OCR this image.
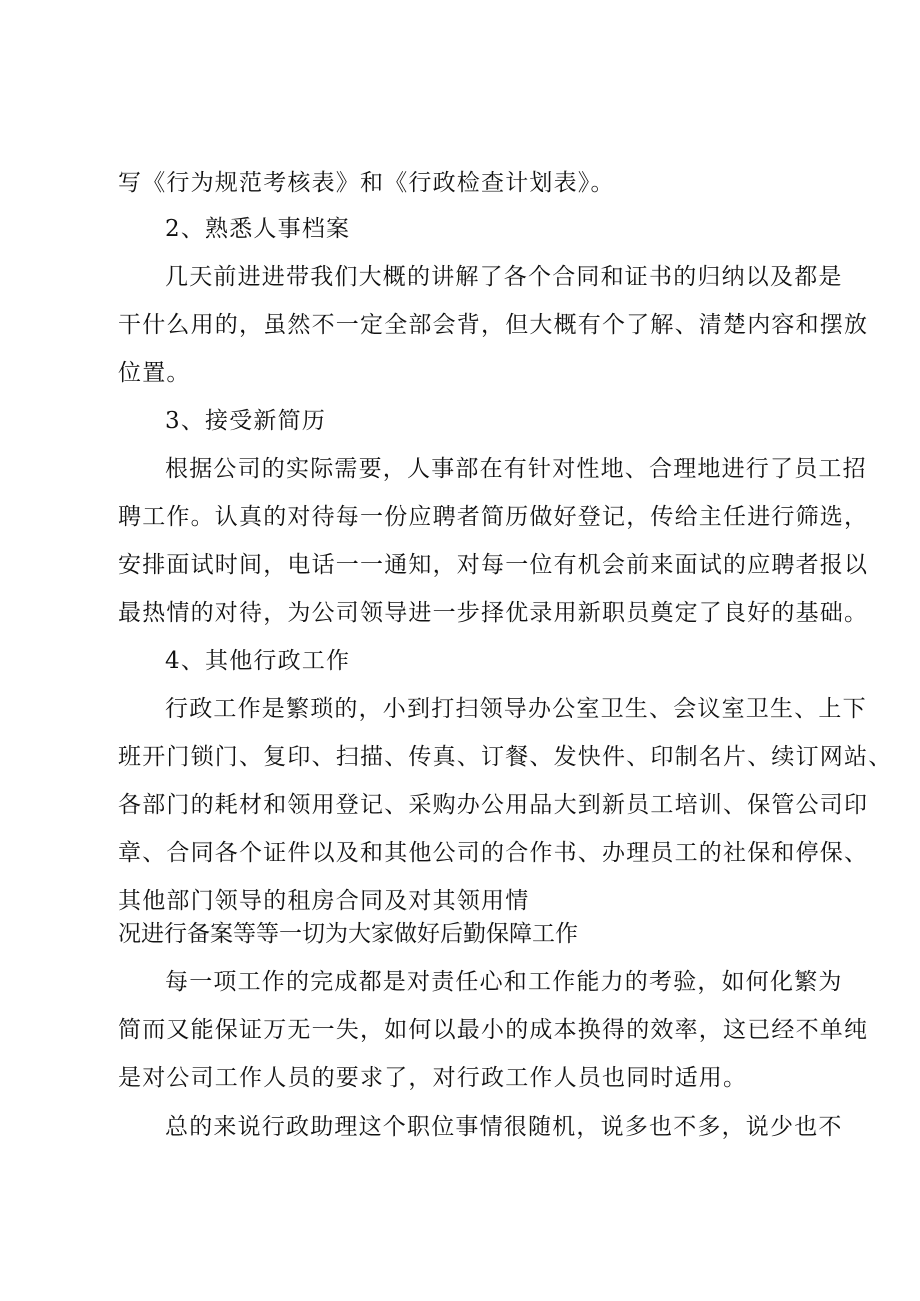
写《行为规范考核表》和《行政检查计划表》。
2、熟悉人事档案
几天前进进带我们大概的讲解了各个合同和证书的归纳以及都是
干什么用的，虽然不一定全部会背，但大概有个了解、清楚内容和摆放
位置。
3、接受新简历
根据公司的实际需要，人事部在有针对性地、合理地进行了员工招
聘工作。认真的对待每一份应聘者简历做好登记，传给主任进行筛选，
安排面试时间，电话一一通知，对每一位有机会前来面试的应聘者报以
最热情的对待，为公司领导进一步择优录用新职员奠定了良好的基础。
4、其他行政工作
行政工作是繁琐的，小到打扫领导办公室卫生、会议室卫生、上下
班开门锁门、复印、扫描、传真、订餐、发快件、印制名片、续订网站、
各部门的耗材和领用登记、采购办公用品大到新员工培训、保管公司印
章、合同各个证件以及和其他公司的合作书、办理员工的社保和停保、
其他部门领导的租房合同及对其领用情
况进行备案等等一切为大家做好后勤保障工作
每一项工作的完成都是对责任心和工作能力的考验，如何化繁为
简而又能保证万无一失，如何以最小的成本换得的效率，这已经不单纯
是对公司工作人员的要求了，对行政工作人员也同时适用。
总的来说行政助理这个职位事情很随机，说多也不多，说少也不
